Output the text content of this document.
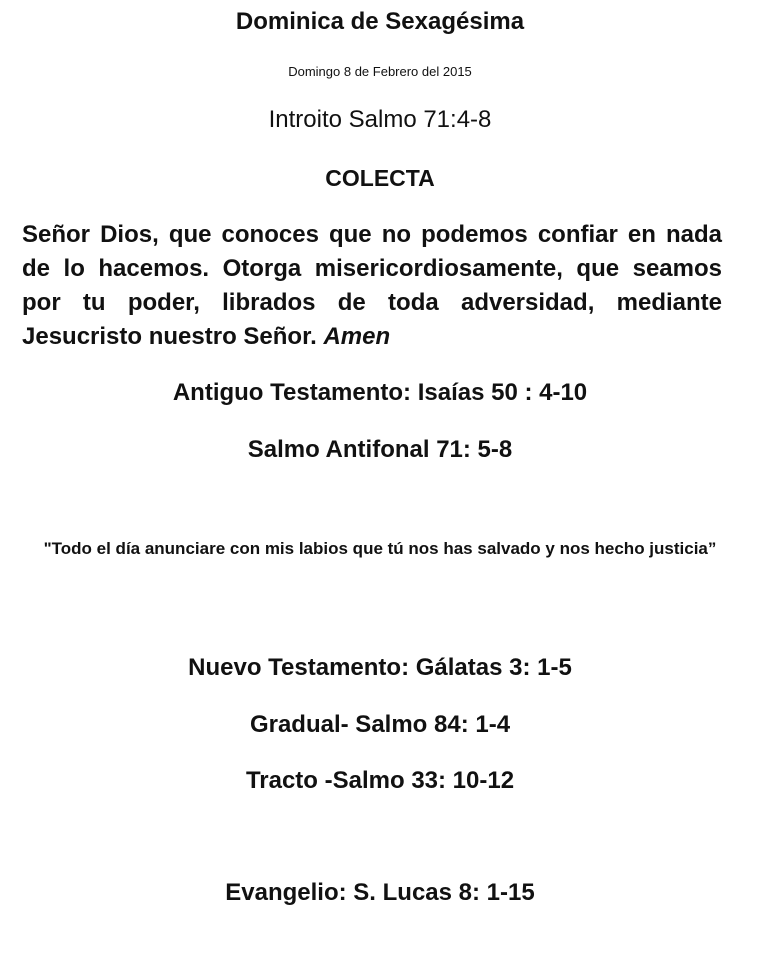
Dominica de Sexagésima
Domingo 8 de Febrero del 2015
Introito Salmo 71:4-8
COLECTA
Señor Dios, que conoces que no podemos confiar en nada de lo hacemos. Otorga misericordiosamente, que seamos por tu poder, librados de toda adversidad, mediante Jesucristo nuestro Señor. Amen
Antiguo Testamento: Isaías 50 : 4-10
Salmo Antifonal 71: 5-8
"Todo el día anunciare con mis labios que tú nos has salvado y nos hecho justicia”
Nuevo Testamento: Gálatas 3: 1-5
Gradual- Salmo 84: 1-4
Tracto -Salmo 33: 10-12
Evangelio: S. Lucas 8: 1-15
